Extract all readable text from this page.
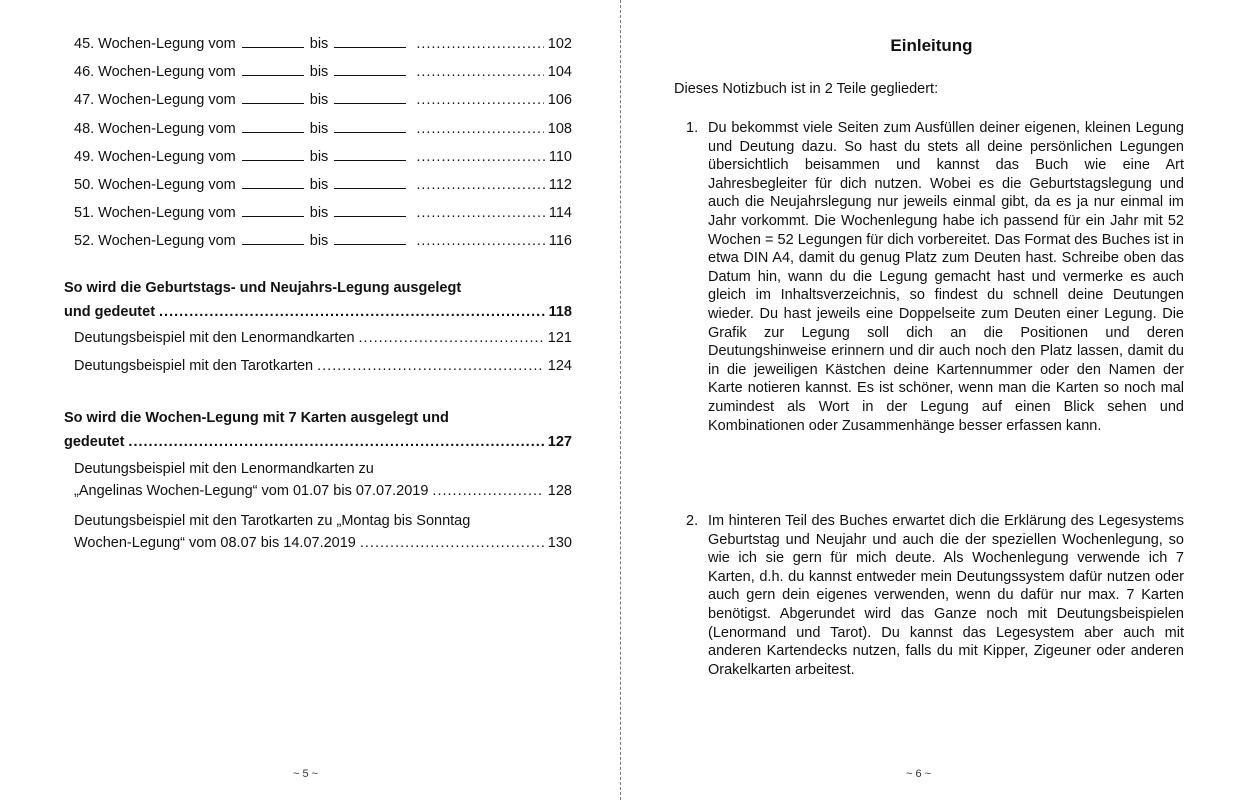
45. Wochen-Legung vom	bis .....	102
46. Wochen-Legung vom	bis .....	104
47. Wochen-Legung vom	bis .....	106
48. Wochen-Legung vom	bis .....	108
49. Wochen-Legung vom	bis .....	110
50. Wochen-Legung vom	bis .....	112
51. Wochen-Legung vom	bis .....	114
52. Wochen-Legung vom	bis .....	116
So wird die Geburtstags- und Neujahrs-Legung ausgelegt
und gedeutet .....	118
Deutungsbeispiel mit den Lenormandkarten .....	121
Deutungsbeispiel mit den Tarotkarten .....	124
So wird die Wochen-Legung mit 7 Karten ausgelegt und
gedeutet .....	127
Deutungsbeispiel mit den Lenormandkarten zu
„Angelinas Wochen-Legung“ vom 01.07 bis 07.07.2019 .....	128
Deutungsbeispiel mit den Tarotkarten zu „Montag bis Sonntag
Wochen-Legung“ vom 08.07 bis 14.07.2019 .....	130
~ 5 ~
Einleitung
Dieses Notizbuch ist in 2 Teile gegliedert:
1. Du bekommst viele Seiten zum Ausfüllen deiner eigenen, kleinen Legung und Deutung dazu. So hast du stets all deine persönlichen Legungen übersichtlich beisammen und kannst das Buch wie eine Art Jahresbegleiter für dich nutzen. Wobei es die Geburtstagslegung und auch die Neujahrslegung nur jeweils einmal gibt, da es ja nur einmal im Jahr vorkommt. Die Wochenlegung habe ich passend für ein Jahr mit 52 Wochen = 52 Legungen für dich vorbereitet. Das Format des Buches ist in etwa DIN A4, damit du genug Platz zum Deuten hast. Schreibe oben das Datum hin, wann du die Legung gemacht hast und vermerke es auch gleich im Inhaltsverzeichnis, so findest du schnell deine Deutungen wieder. Du hast jeweils eine Doppelseite zum Deuten einer Legung. Die Grafik zur Legung soll dich an die Positionen und deren Deutungshinweise erinnern und dir auch noch den Platz lassen, damit du in die jeweiligen Kästchen deine Kartennummer oder den Namen der Karte notieren kannst. Es ist schöner, wenn man die Karten so noch mal zumindest als Wort in der Legung auf einen Blick sehen und Kombinationen oder Zusammenhänge besser erfassen kann.
2. Im hinteren Teil des Buches erwartet dich die Erklärung des Legesystems Geburtstag und Neujahr und auch die der speziellen Wochenlegung, so wie ich sie gern für mich deute. Als Wochenlegung verwende ich 7 Karten, d.h. du kannst entweder mein Deutungssystem dafür nutzen oder auch gern dein eigenes verwenden, wenn du dafür nur max. 7 Karten benötigst. Abgerundet wird das Ganze noch mit Deutungsbeispielen (Lenormand und Tarot). Du kannst das Legesystem aber auch mit anderen Kartendecks nutzen, falls du mit Kipper, Zigeuner oder anderen Orakelkarten arbeitest.
~ 6 ~
